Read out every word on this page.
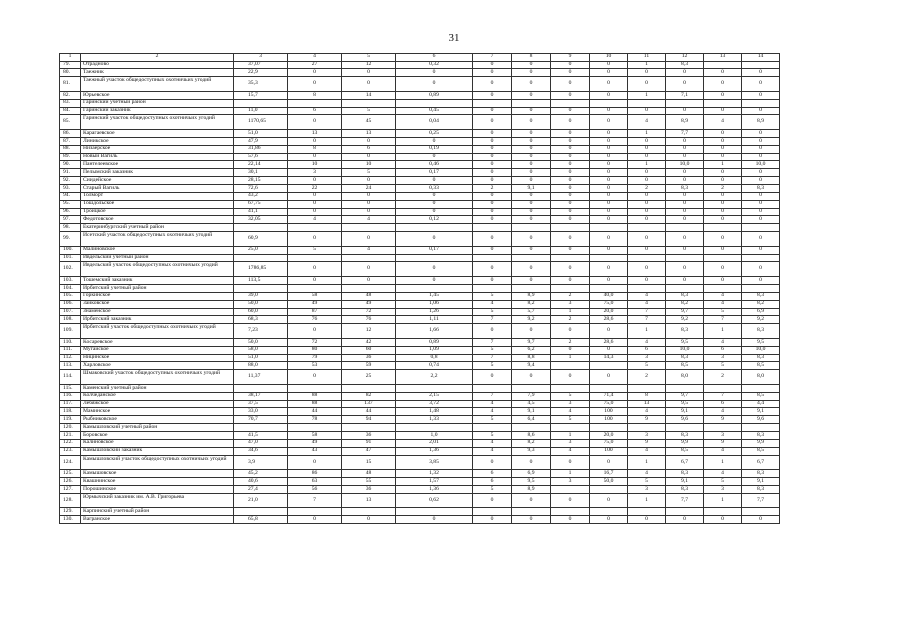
31
1	2	3	4	5	6	7	8	9	10	11	12	13	14
79.	Отрадново	37,07	27	12	0,32	0	0	0	0	1	8,3		
80.	Таежник	22,9	0	0	0	0	0	0	0	0	0	0	0
81.	Таежный участок общедоступных охотничьих угодий	35,3	0	0	0	0	0	0	0	0	0	0	0
82.	Юрьевское	15,7	8	14	0,89	0	0	0	0	1	7,1	0	0
83.	Гаринский учетный район												
84.	Гаринский заказник	11,0	6	5	0,45	0	0	0	0	0	0	0	0
85.	Гаринский участок общедоступных охотничьих угодий	1170,65	0	45	0,04	0	0	0	0	4	8,9	4	8,9
86.	Карагаевское	51,0	13	13	0,25	0	0	0	0	1	7,7	0	0
87.	Линикское	47,9	0	0	0	0	0	0	0	0	0	0	0
88.	Низаерское	31,86	8	6	0,19	0	0	0	0	0	0	0	0
89.	Новый Вагиль	57,6	0	0	0	0	0	0	0	0	0	0	0
90.	Пантелеевское	22,14	10	10	0,46	0	0	0	0	1	10,0	1	10,0
91.	Пелымский заказник	30,1	3	5	0,17	0	0	0	0	0	0	0	0
92.	Сиидейское	28,15	0	0	0	0	0	0	0	0	0	0	0
93.	Старый Вагиль	72,6	22	24	0,33	2	9,1	0	0	2	8,3	2	8,3
94.	Толморт	43,2	0	0	0	0	0	0	0	0	0	0	0
95.	Тошдольское	67,75	0	0	0	0	0	0	0	0	0	0	0
96.	Троицкое	41,1	0	0	0	0	0	0	0	0	0	0	0
97.	Федотовское	32,05	4	4	0,12	0	0	0	0	0	0	0	0
98.	Екатеринбургский учетный район												
99.	Исетский участок общедоступных охотничьих угодий	60,9	0	0	0	0	0	0	0	0	0	0	0
100.	Малиновское	25,0	5	4	0,17	0	0	0	0	0	0	0	0
101.	Ивдельский учетный район												
102.	Ивдельский участок общедоступных охотничьих угодий	1786,85	0	0	0	0	0	0	0	0	0	0	0
103.	Тошемский заказник	113,5	0	0	0	0	0	0	0	0	0	0	0
104.	Ирбитский учетный район												
105.	Горкинское	39,0	58	48	1,45	5	8,9	2	40,0	4	8,3	4	8,3
106.	Зайковское	50,0	49	49	1,06	4	8,2	3	75,0	4	8,2	4	8,2
107.	Знаменское	60,0	87	72	1,26	5	5,7	1	20,0	7	9,7	5	6,9
108.	Ирбитский заказник	68,3	76	76	1,11	7	9,2	2	28,6	7	9,2	7	9,2
109.	Ирбитский участок общедоступных охотничьих угодий	7,23	0	12	1,66	0	0	0	0	1	8,3	1	8,3
110.	Косаревское	50,0	72	42	0,89	7	9,7	2	28,6	4	9,5	4	9,5
111.	Мугайское	58,0	80	60	1,09	5	6,2	0	0	6	10,0	6	10,0
112.	Ницинское	51,0	79	36	0,8	7	8,8	1	14,3	3	8,3	3	8,3
113.	Харловское	88,0	53	59	0,74	5	9,4			5	8,5	5	8,5
114.	Шмаковский участок общедоступных охотничьих угодий	11,37	0	25	2,2	0	0	0	0	2	8,0	2	8,0
115.	Каменский учетный район												
116.	Колчеданское	38,17	88	82	2,15	7	7,9	5	71,4	8	9,7	7	8,5
117.	Лебяжское	37,5	88	137	3,72	4	4,5	3	75,0	13	9,5	6	4,4
118.	Маминское	33,0	44	44	1,48	4	9,1	4	100	4	9,1	4	9,1
119.	Рыбниковское	70,7	78	94	1,33	5	6,4	5	100	9	9,6	9	9,6
120.	Камышловский учетный район												
121.	Боровское	41,5	58	36	1,0	5	8,6	1	20,0	3	8,3	3	8,3
122.	Калиновское	47,0	49	91	2,01	4	8,2	3	75,0	9	9,9	9	9,9
123.	Камышловский заказник	34,6	43	47	1,36	4	9,3	4	100	4	8,5	4	8,5
124.	Камышловский участок общедоступных охотничьих угодий	3,9	0	15	3,85	0	0	0	0	1	6,7	1	6,7
125.	Камышовское	45,2	86	48	1,32	6	6,9	1	16,7	4	8,3	4	8,3
126.	Квашнинское	40,6	63	55	1,57	6	9,5	3	50,0	5	9,1	5	9,1
127.	Порошинское	27,4	56	36	1,36	5	8,9			3	8,3	3	8,3
128.	Юрмычский заказник им. А.В. Григорьева	21,0	7	13	0,62	0	0	0	0	1	7,7	1	7,7
129.	Карпинский учетный район												
130.	Вагранское	65,8	0	0	0	0	0	0	0	0	0	0	0
